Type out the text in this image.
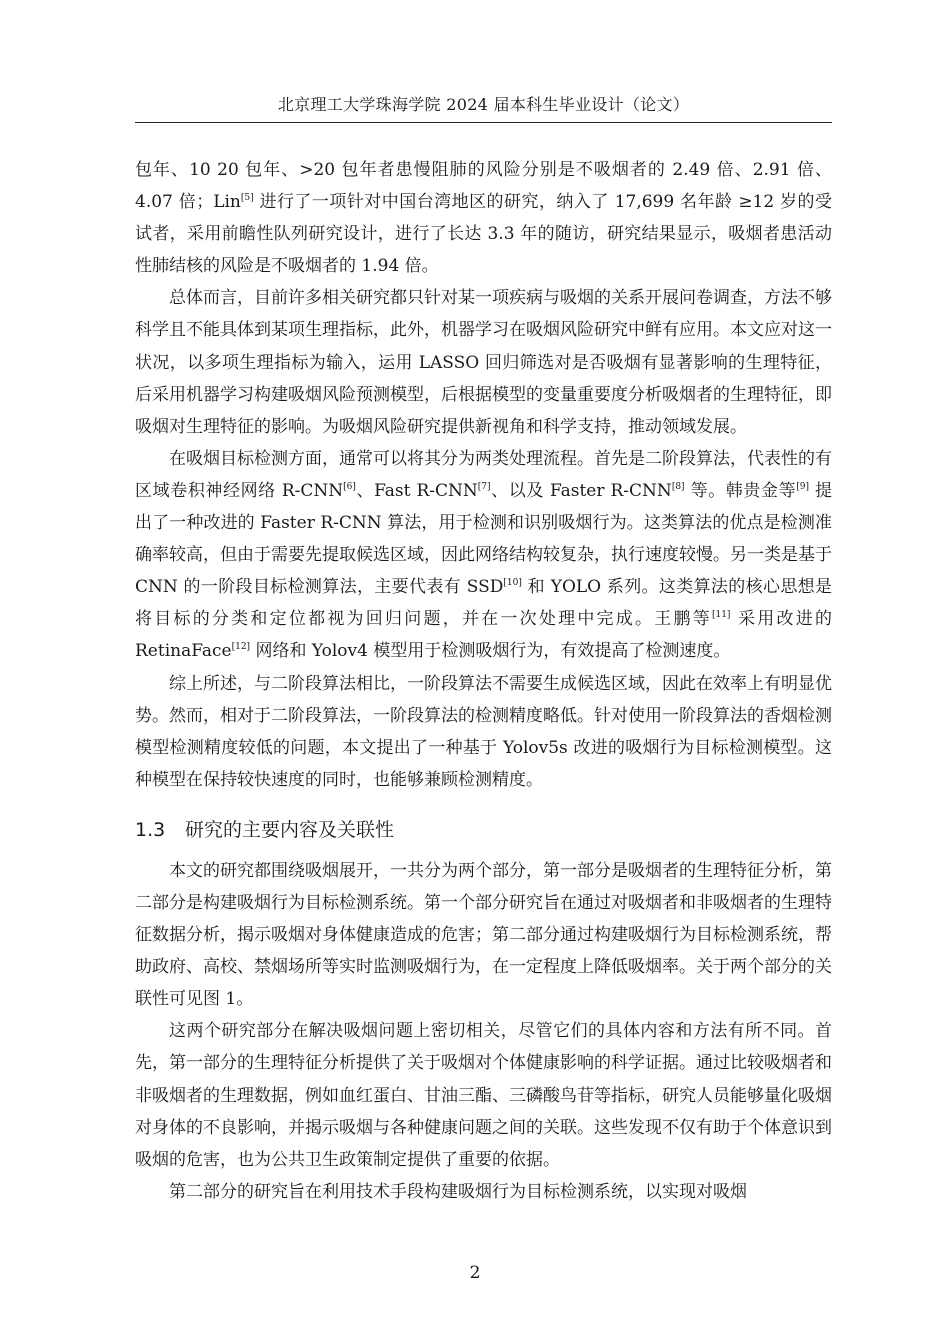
北京理工大学珠海学院 2024 届本科生毕业设计（论文）

包年、10 20 包年、>20 包年者患慢阻肺的风险分别是不吸烟者的 2.49 倍、2.91 倍、4.07 倍；Lin[5] 进行了一项针对中国台湾地区的研究，纳入了 17,699 名年龄 ≥12 岁的受试者，采用前瞻性队列研究设计，进行了长达 3.3 年的随访，研究结果显示，吸烟者患活动性肺结核的风险是不吸烟者的 1.94 倍。

总体而言，目前许多相关研究都只针对某一项疾病与吸烟的关系开展问卷调查，方法不够科学且不能具体到某项生理指标，此外，机器学习在吸烟风险研究中鲜有应用。本文应对这一状况，以多项生理指标为输入，运用 LASSO 回归筛选对是否吸烟有显著影响的生理特征，后采用机器学习构建吸烟风险预测模型，后根据模型的变量重要度分析吸烟者的生理特征，即吸烟对生理特征的影响。为吸烟风险研究提供新视角和科学支持，推动领域发展。

在吸烟目标检测方面，通常可以将其分为两类处理流程。首先是二阶段算法，代表性的有区域卷积神经网络 R-CNN[6]、Fast R-CNN[7]、以及 Faster R-CNN[8] 等。韩贵金等[9] 提出了一种改进的 Faster R-CNN 算法，用于检测和识别吸烟行为。这类算法的优点是检测准确率较高，但由于需要先提取候选区域，因此网络结构较复杂，执行速度较慢。另一类是基于 CNN 的一阶段目标检测算法，主要代表有 SSD[10] 和 YOLO 系列。这类算法的核心思想是将目标的分类和定位都视为回归问题，并在一次处理中完成。王鹏等[11] 采用改进的 RetinaFace[12] 网络和 Yolov4 模型用于检测吸烟行为，有效提高了检测速度。

综上所述，与二阶段算法相比，一阶段算法不需要生成候选区域，因此在效率上有明显优势。然而，相对于二阶段算法，一阶段算法的检测精度略低。针对使用一阶段算法的香烟检测模型检测精度较低的问题，本文提出了一种基于 Yolov5s 改进的吸烟行为目标检测模型。这种模型在保持较快速度的同时，也能够兼顾检测精度。

1.3 研究的主要内容及关联性

本文的研究都围绕吸烟展开，一共分为两个部分，第一部分是吸烟者的生理特征分析，第二部分是构建吸烟行为目标检测系统。第一个部分研究旨在通过对吸烟者和非吸烟者的生理特征数据分析，揭示吸烟对身体健康造成的危害；第二部分通过构建吸烟行为目标检测系统，帮助政府、高校、禁烟场所等实时监测吸烟行为，在一定程度上降低吸烟率。关于两个部分的关联性可见图 1。

这两个研究部分在解决吸烟问题上密切相关，尽管它们的具体内容和方法有所不同。首先，第一部分的生理特征分析提供了关于吸烟对个体健康影响的科学证据。通过比较吸烟者和非吸烟者的生理数据，例如血红蛋白、甘油三酯、三磷酸鸟苷等指标，研究人员能够量化吸烟对身体的不良影响，并揭示吸烟与各种健康问题之间的关联。这些发现不仅有助于个体意识到吸烟的危害，也为公共卫生政策制定提供了重要的依据。

第二部分的研究旨在利用技术手段构建吸烟行为目标检测系统，以实现对吸烟

2
